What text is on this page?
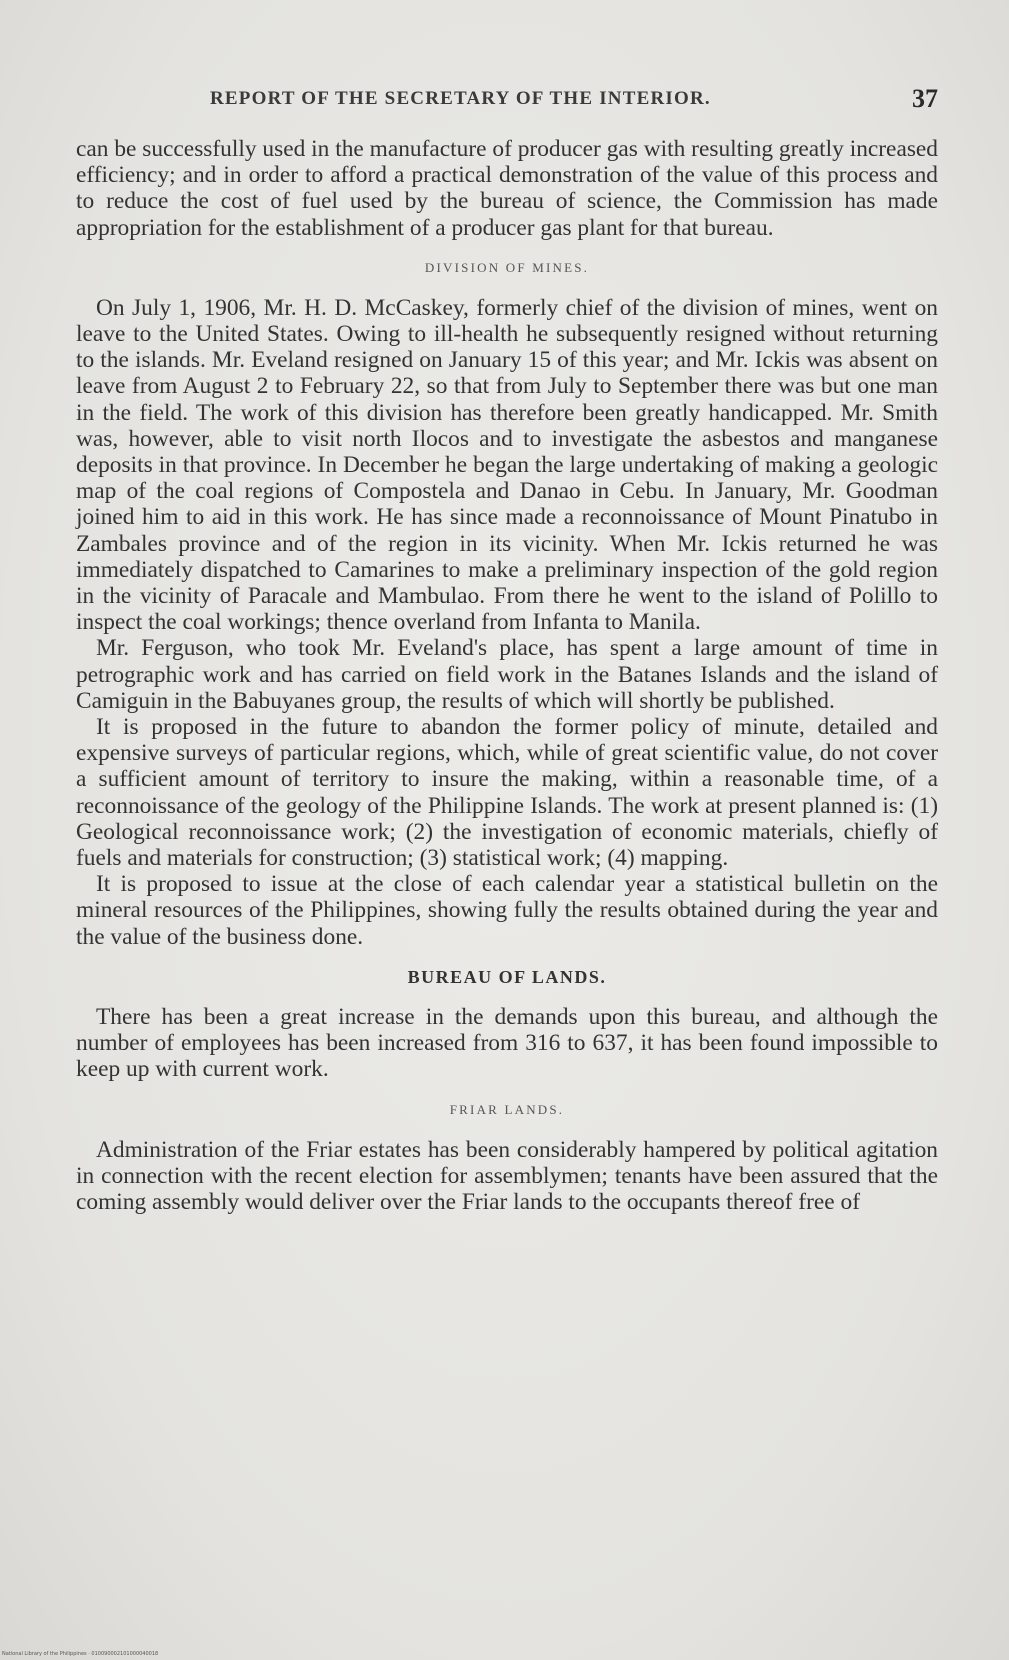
REPORT OF THE SECRETARY OF THE INTERIOR.	37

can be successfully used in the manufacture of producer gas with resulting greatly increased efficiency; and in order to afford a practical demonstration of the value of this process and to reduce the cost of fuel used by the bureau of science, the Commission has made appropriation for the establishment of a producer gas plant for that bureau.

DIVISION OF MINES.

On July 1, 1906, Mr. H. D. McCaskey, formerly chief of the division of mines, went on leave to the United States. Owing to ill-health he subsequently resigned without returning to the islands. Mr. Eveland resigned on January 15 of this year; and Mr. Ickis was absent on leave from August 2 to February 22, so that from July to September there was but one man in the field. The work of this division has therefore been greatly handicapped. Mr. Smith was, however, able to visit north Ilocos and to investigate the asbestos and manganese deposits in that province. In December he began the large undertaking of making a geologic map of the coal regions of Compostela and Danao in Cebu. In January, Mr. Goodman joined him to aid in this work. He has since made a reconnoissance of Mount Pinatubo in Zambales province and of the region in its vicinity. When Mr. Ickis returned he was immediately dispatched to Camarines to make a preliminary inspection of the gold region in the vicinity of Paracale and Mambulao. From there he went to the island of Polillo to inspect the coal workings; thence overland from Infanta to Manila.

Mr. Ferguson, who took Mr. Eveland's place, has spent a large amount of time in petrographic work and has carried on field work in the Batanes Islands and the island of Camiguin in the Babuyanes group, the results of which will shortly be published.

It is proposed in the future to abandon the former policy of minute, detailed and expensive surveys of particular regions, which, while of great scientific value, do not cover a sufficient amount of territory to insure the making, within a reasonable time, of a reconnoissance of the geology of the Philippine Islands. The work at present planned is: (1) Geological reconnoissance work; (2) the investigation of economic materials, chiefly of fuels and materials for construction; (3) statistical work; (4) mapping.

It is proposed to issue at the close of each calendar year a statistical bulletin on the mineral resources of the Philippines, showing fully the results obtained during the year and the value of the business done.

BUREAU OF LANDS.

There has been a great increase in the demands upon this bureau, and although the number of employees has been increased from 316 to 637, it has been found impossible to keep up with current work.

FRIAR LANDS.

Administration of the Friar estates has been considerably hampered by political agitation in connection with the recent election for assemblymen; tenants have been assured that the coming assembly would deliver over the Friar lands to the occupants thereof free of

National Library of the Philippines · 010090002101000040018
